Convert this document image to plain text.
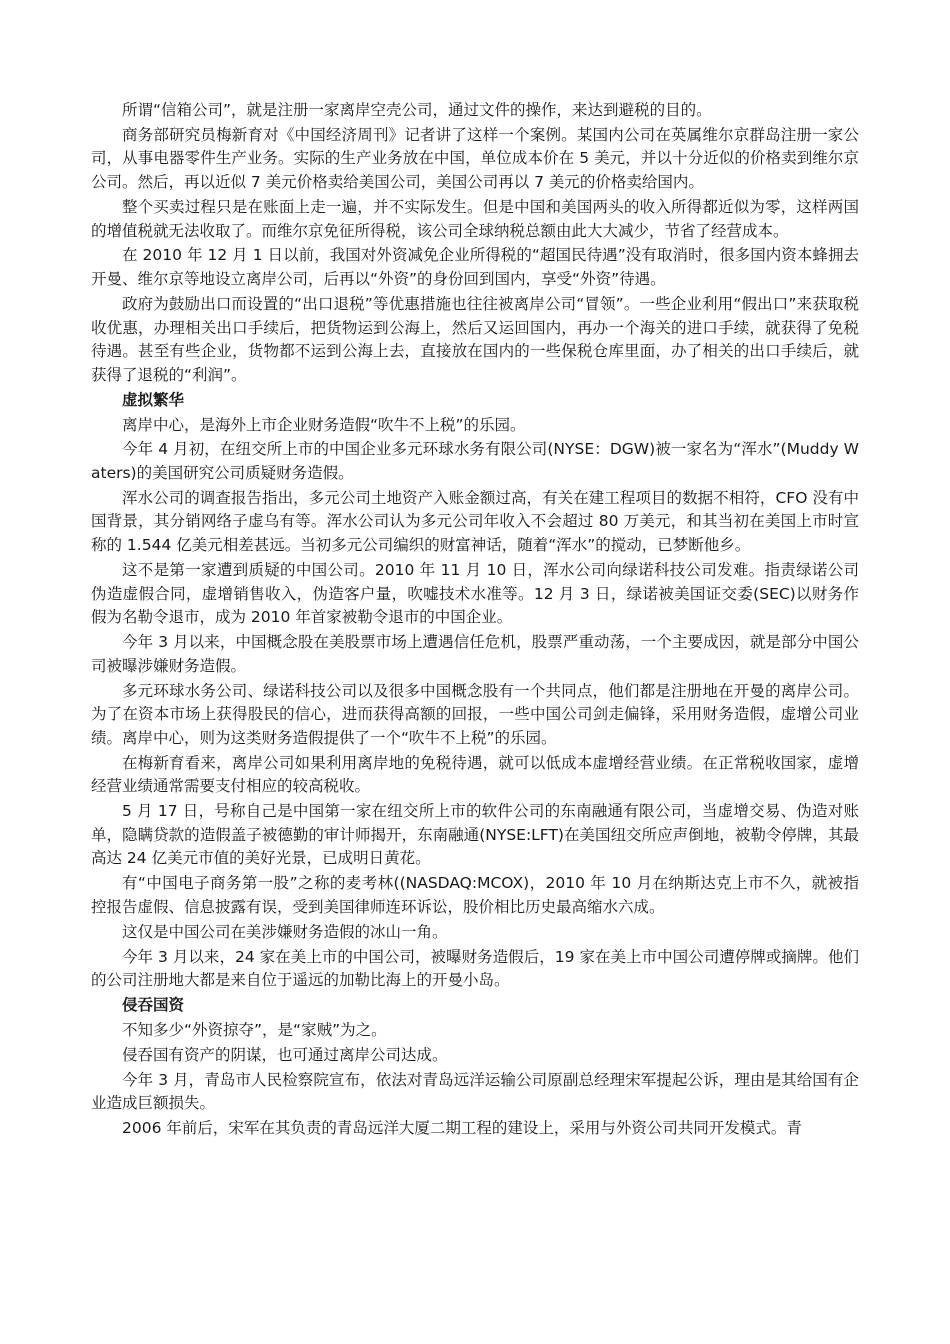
所谓“信箱公司”，就是注册一家离岸空壳公司，通过文件的操作，来达到避税的目的。

商务部研究员梅新育对《中国经济周刊》记者讲了这样一个案例。某国内公司在英属维尔京群岛注册一家公司，从事电器零件生产业务。实际的生产业务放在中国，单位成本价在 5 美元，并以十分近似的价格卖到维尔京公司。然后，再以近似 7 美元价格卖给美国公司，美国公司再以 7 美元的价格卖给国内。

整个买卖过程只是在账面上走一遍，并不实际发生。但是中国和美国两头的收入所得都近似为零，这样两国的增值税就无法收取了。而维尔京免征所得税，该公司全球纳税总额由此大大减少，节省了经营成本。

在 2010 年 12 月 1 日以前，我国对外资减免企业所得税的“超国民待遇”没有取消时，很多国内资本蜂拥去开曼、维尔京等地设立离岸公司，后再以“外资”的身份回到国内，享受“外资”待遇。

政府为鼓励出口而设置的“出口退税”等优惠措施也往往被离岸公司“冒领”。一些企业利用“假出口”来获取税收优惠，办理相关出口手续后，把货物运到公海上，然后又运回国内，再办一个海关的进口手续，就获得了免税待遇。甚至有些企业，货物都不运到公海上去，直接放在国内的一些保税仓库里面，办了相关的出口手续后，就获得了退税的“利润”。

虚拟繁华

离岸中心，是海外上市企业财务造假“吹牛不上税”的乐园。

今年 4 月初，在纽交所上市的中国企业多元环球水务有限公司(NYSE：DGW)被一家名为“浑水”(Muddy Waters)的美国研究公司质疑财务造假。

浑水公司的调查报告指出，多元公司土地资产入账金额过高，有关在建工程项目的数据不相符，CFO 没有中国背景，其分销网络子虚乌有等。浑水公司认为多元公司年收入不会超过 80 万美元，和其当初在美国上市时宣称的 1.544 亿美元相差甚远。当初多元公司编织的财富神话，随着“浑水”的搅动，已梦断他乡。

这不是第一家遭到质疑的中国公司。2010 年 11 月 10 日，浑水公司向绿诺科技公司发难。指责绿诺公司伪造虚假合同，虚增销售收入，伪造客户量，吹嘘技术水准等。12 月 3 日，绿诺被美国证交委(SEC)以财务作假为名勒令退市，成为 2010 年首家被勒令退市的中国企业。

今年 3 月以来，中国概念股在美股票市场上遭遇信任危机，股票严重动荡，一个主要成因，就是部分中国公司被曝涉嫌财务造假。

多元环球水务公司、绿诺科技公司以及很多中国概念股有一个共同点，他们都是注册地在开曼的离岸公司。为了在资本市场上获得股民的信心，进而获得高额的回报，一些中国公司剑走偏锋，采用财务造假，虚增公司业绩。离岸中心，则为这类财务造假提供了一个“吹牛不上税”的乐园。

在梅新育看来，离岸公司如果利用离岸地的免税待遇，就可以低成本虚增经营业绩。在正常税收国家，虚增经营业绩通常需要支付相应的较高税收。

5 月 17 日，号称自己是中国第一家在纽交所上市的软件公司的东南融通有限公司，当虚增交易、伪造对账单，隐瞒贷款的造假盖子被德勤的审计师揭开，东南融通(NYSE:LFT)在美国纽交所应声倒地，被勒令停牌，其最高达 24 亿美元市值的美好光景，已成明日黄花。

有“中国电子商务第一股”之称的麦考林((NASDAQ:MCOX)，2010 年 10 月在纳斯达克上市不久，就被指控报告虚假、信息披露有误，受到美国律师连环诉讼，股价相比历史最高缩水六成。

这仅是中国公司在美涉嫌财务造假的冰山一角。

今年 3 月以来，24 家在美上市的中国公司，被曝财务造假后，19 家在美上市中国公司遭停牌或摘牌。他们的公司注册地大都是来自位于遥远的加勒比海上的开曼小岛。

侵吞国资

不知多少“外资掠夺”，是“家贼”为之。

侵吞国有资产的阴谋，也可通过离岸公司达成。

今年 3 月，青岛市人民检察院宣布，依法对青岛远洋运输公司原副总经理宋军提起公诉，理由是其给国有企业造成巨额损失。

2006 年前后，宋军在其负责的青岛远洋大厦二期工程的建设上，采用与外资公司共同开发模式。青
